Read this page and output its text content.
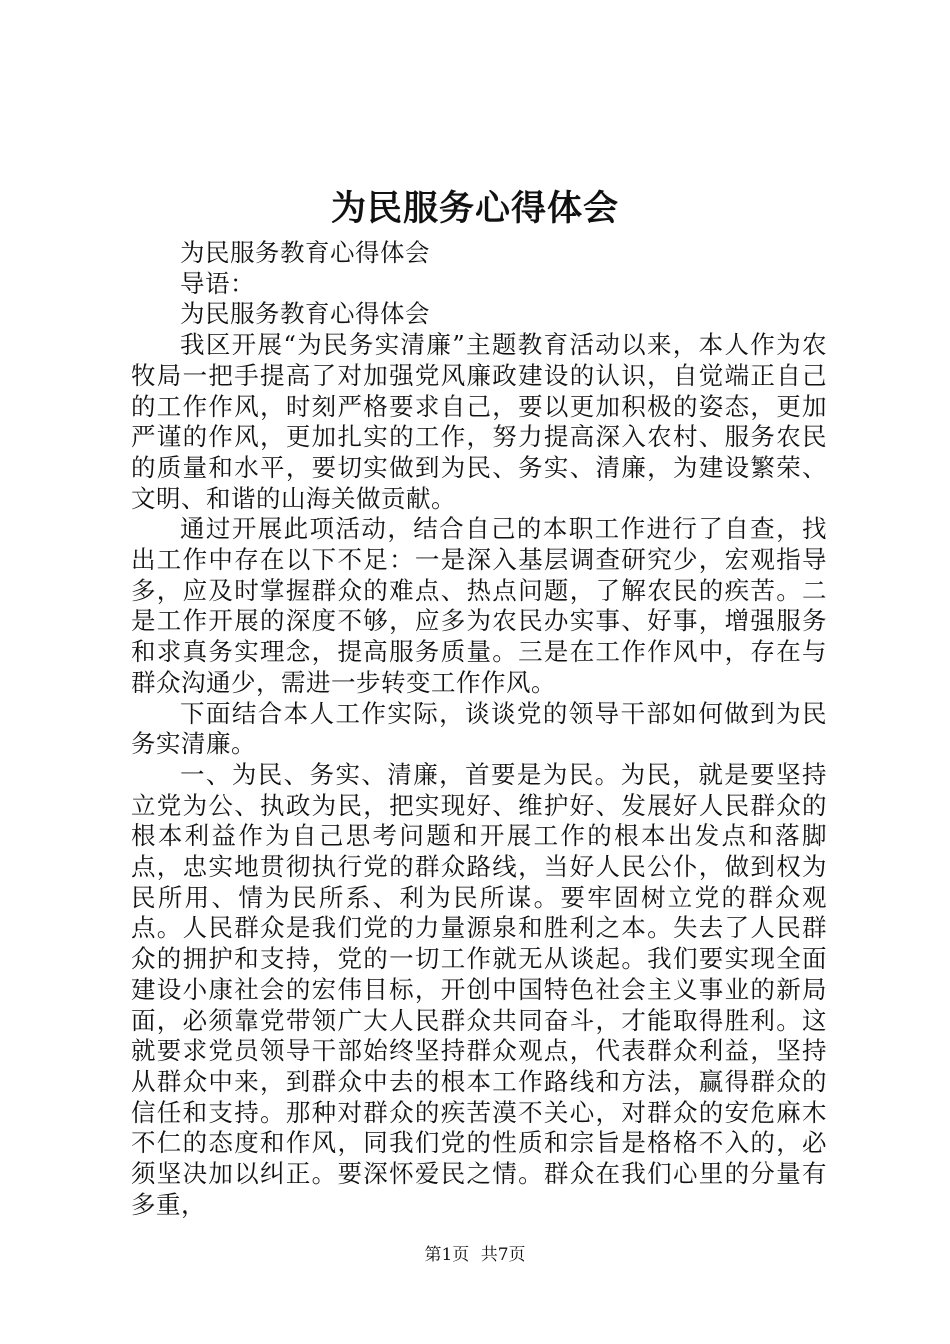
为民服务心得体会

为民服务教育心得体会

导语：

为民服务教育心得体会

我区开展“为民务实清廉”主题教育活动以来，本人作为农牧局一把手提高了对加强党风廉政建设的认识，自觉端正自己的工作作风，时刻严格要求自己，要以更加积极的姿态，更加严谨的作风，更加扎实的工作，努力提高深入农村、服务农民的质量和水平，要切实做到为民、务实、清廉，为建设繁荣、文明、和谐的山海关做贡献。

通过开展此项活动，结合自己的本职工作进行了自查，找出工作中存在以下不足：一是深入基层调查研究少，宏观指导多，应及时掌握群众的难点、热点问题，了解农民的疾苦。二是工作开展的深度不够，应多为农民办实事、好事，增强服务和求真务实理念，提高服务质量。三是在工作作风中，存在与群众沟通少，需进一步转变工作作风。

下面结合本人工作实际，谈谈党的领导干部如何做到为民务实清廉。

一、为民、务实、清廉，首要是为民。为民，就是要坚持立党为公、执政为民，把实现好、维护好、发展好人民群众的根本利益作为自己思考问题和开展工作的根本出发点和落脚点，忠实地贯彻执行党的群众路线，当好人民公仆，做到权为民所用、情为民所系、利为民所谋。要牢固树立党的群众观点。人民群众是我们党的力量源泉和胜利之本。失去了人民群众的拥护和支持，党的一切工作就无从谈起。我们要实现全面建设小康社会的宏伟目标，开创中国特色社会主义事业的新局面，必须靠党带领广大人民群众共同奋斗，才能取得胜利。这就要求党员领导干部始终坚持群众观点，代表群众利益，坚持从群众中来，到群众中去的根本工作路线和方法，赢得群众的信任和支持。那种对群众的疾苦漠不关心，对群众的安危麻木不仁的态度和作风，同我们党的性质和宗旨是格格不入的，必须坚决加以纠正。要深怀爱民之情。群众在我们心里的分量有多重，

第1页 共7页
